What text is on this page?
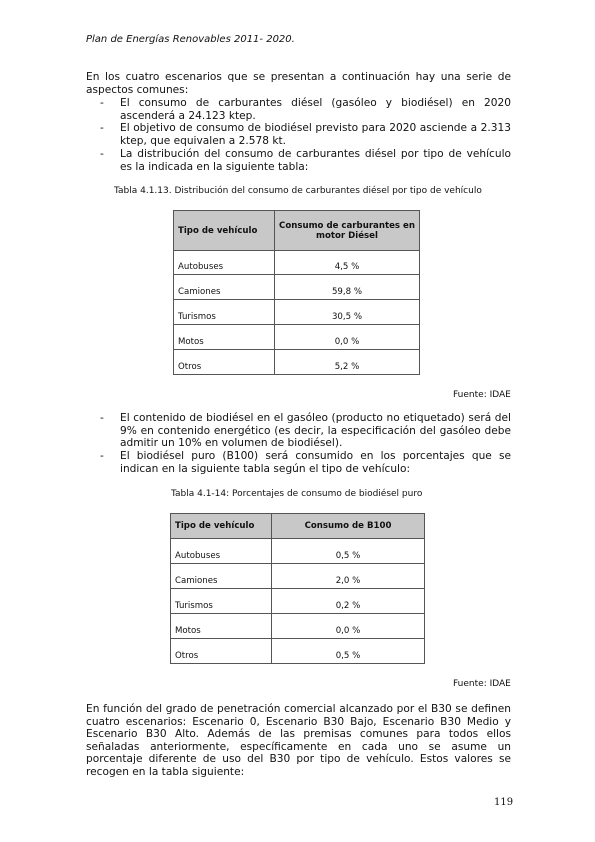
Plan de Energías Renovables 2011- 2020.
En los cuatro escenarios que se presentan a continuación hay una serie de aspectos comunes:
- El consumo de carburantes diésel (gasóleo y biodiésel) en 2020 ascenderá a 24.123 ktep.
- El objetivo de consumo de biodiésel previsto para 2020 asciende a 2.313 ktep, que equivalen a 2.578 kt.
- La distribución del consumo de carburantes diésel por tipo de vehículo es la indicada en la siguiente tabla:
Tabla 4.1.13. Distribución del consumo de carburantes diésel por tipo de vehículo
Tipo de vehículo	Consumo de carburantes en motor Diésel
Autobuses	4,5 %
Camiones	59,8 %
Turismos	30,5 %
Motos	0,0 %
Otros	5,2 %
Fuente: IDAE
- El contenido de biodiésel en el gasóleo (producto no etiquetado) será del 9% en contenido energético (es decir, la especificación del gasóleo debe admitir un 10% en volumen de biodiésel).
- El biodiésel puro (B100) será consumido en los porcentajes que se indican en la siguiente tabla según el tipo de vehículo:
Tabla 4.1-14: Porcentajes de consumo de biodiésel puro
Tipo de vehículo	Consumo de B100
Autobuses	0,5 %
Camiones	2,0 %
Turismos	0,2 %
Motos	0,0 %
Otros	0,5 %
Fuente: IDAE
En función del grado de penetración comercial alcanzado por el B30 se definen cuatro escenarios: Escenario 0, Escenario B30 Bajo, Escenario B30 Medio y Escenario B30 Alto. Además de las premisas comunes para todos ellos señaladas anteriormente, específicamente en cada uno se asume un porcentaje diferente de uso del B30 por tipo de vehículo. Estos valores se recogen en la tabla siguiente:
119
